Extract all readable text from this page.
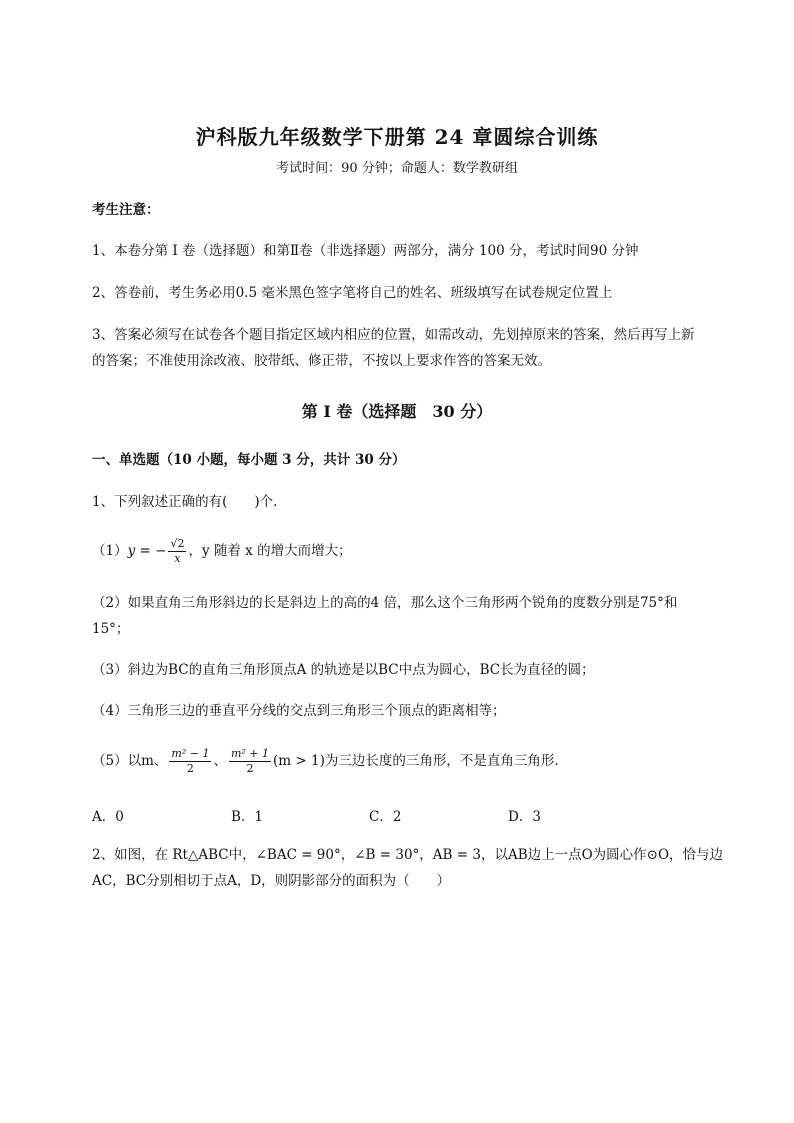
沪科版九年级数学下册第 24 章圆综合训练
考试时间：90 分钟；命题人：数学教研组
考生注意：
1、本卷分第 I 卷（选择题）和第Ⅱ卷（非选择题）两部分，满分 100 分，考试时间90 分钟
2、答卷前，考生务必用0.5 毫米黑色签字笔将自己的姓名、班级填写在试卷规定位置上
3、答案必须写在试卷各个题目指定区域内相应的位置，如需改动，先划掉原来的答案，然后再写上新
的答案；不准使用涂改液、胶带纸、修正带，不按以上要求作答的答案无效。
第 I 卷（选择题　30 分）
一、单选题（10 小题，每小题 3 分，共计 30 分）
1、下列叙述正确的有(　　)个.
（1）y = − $\frac{√2}{x}$ ，y 随着 x 的增大而增大；
（2）如果直角三角形斜边的长是斜边上的高的4 倍，那么这个三角形两个锐角的度数分别是75°和
15°；
（3）斜边为BC的直角三角形顶点A 的轨迹是以BC中点为圆心，BC长为直径的圆；
（4）三角形三边的垂直平分线的交点到三角形三个顶点的距离相等；
（5）以m、 $\frac{\text{m² − 1}}{2}$ 、 $\frac{\text{m² + 1}}{2} (m > 1)$为三边长度的三角形，不是直角三角形．
A．0	B．1	C．2	D．3
2、如图，在 Rt△ABC中，∠BAC = 90°，∠B = 30°，AB = 3，以AB边上一点O为圆心作⊙O，恰与边
AC，BC分别相切于点A，D，则阴影部分的面积为（　　）
